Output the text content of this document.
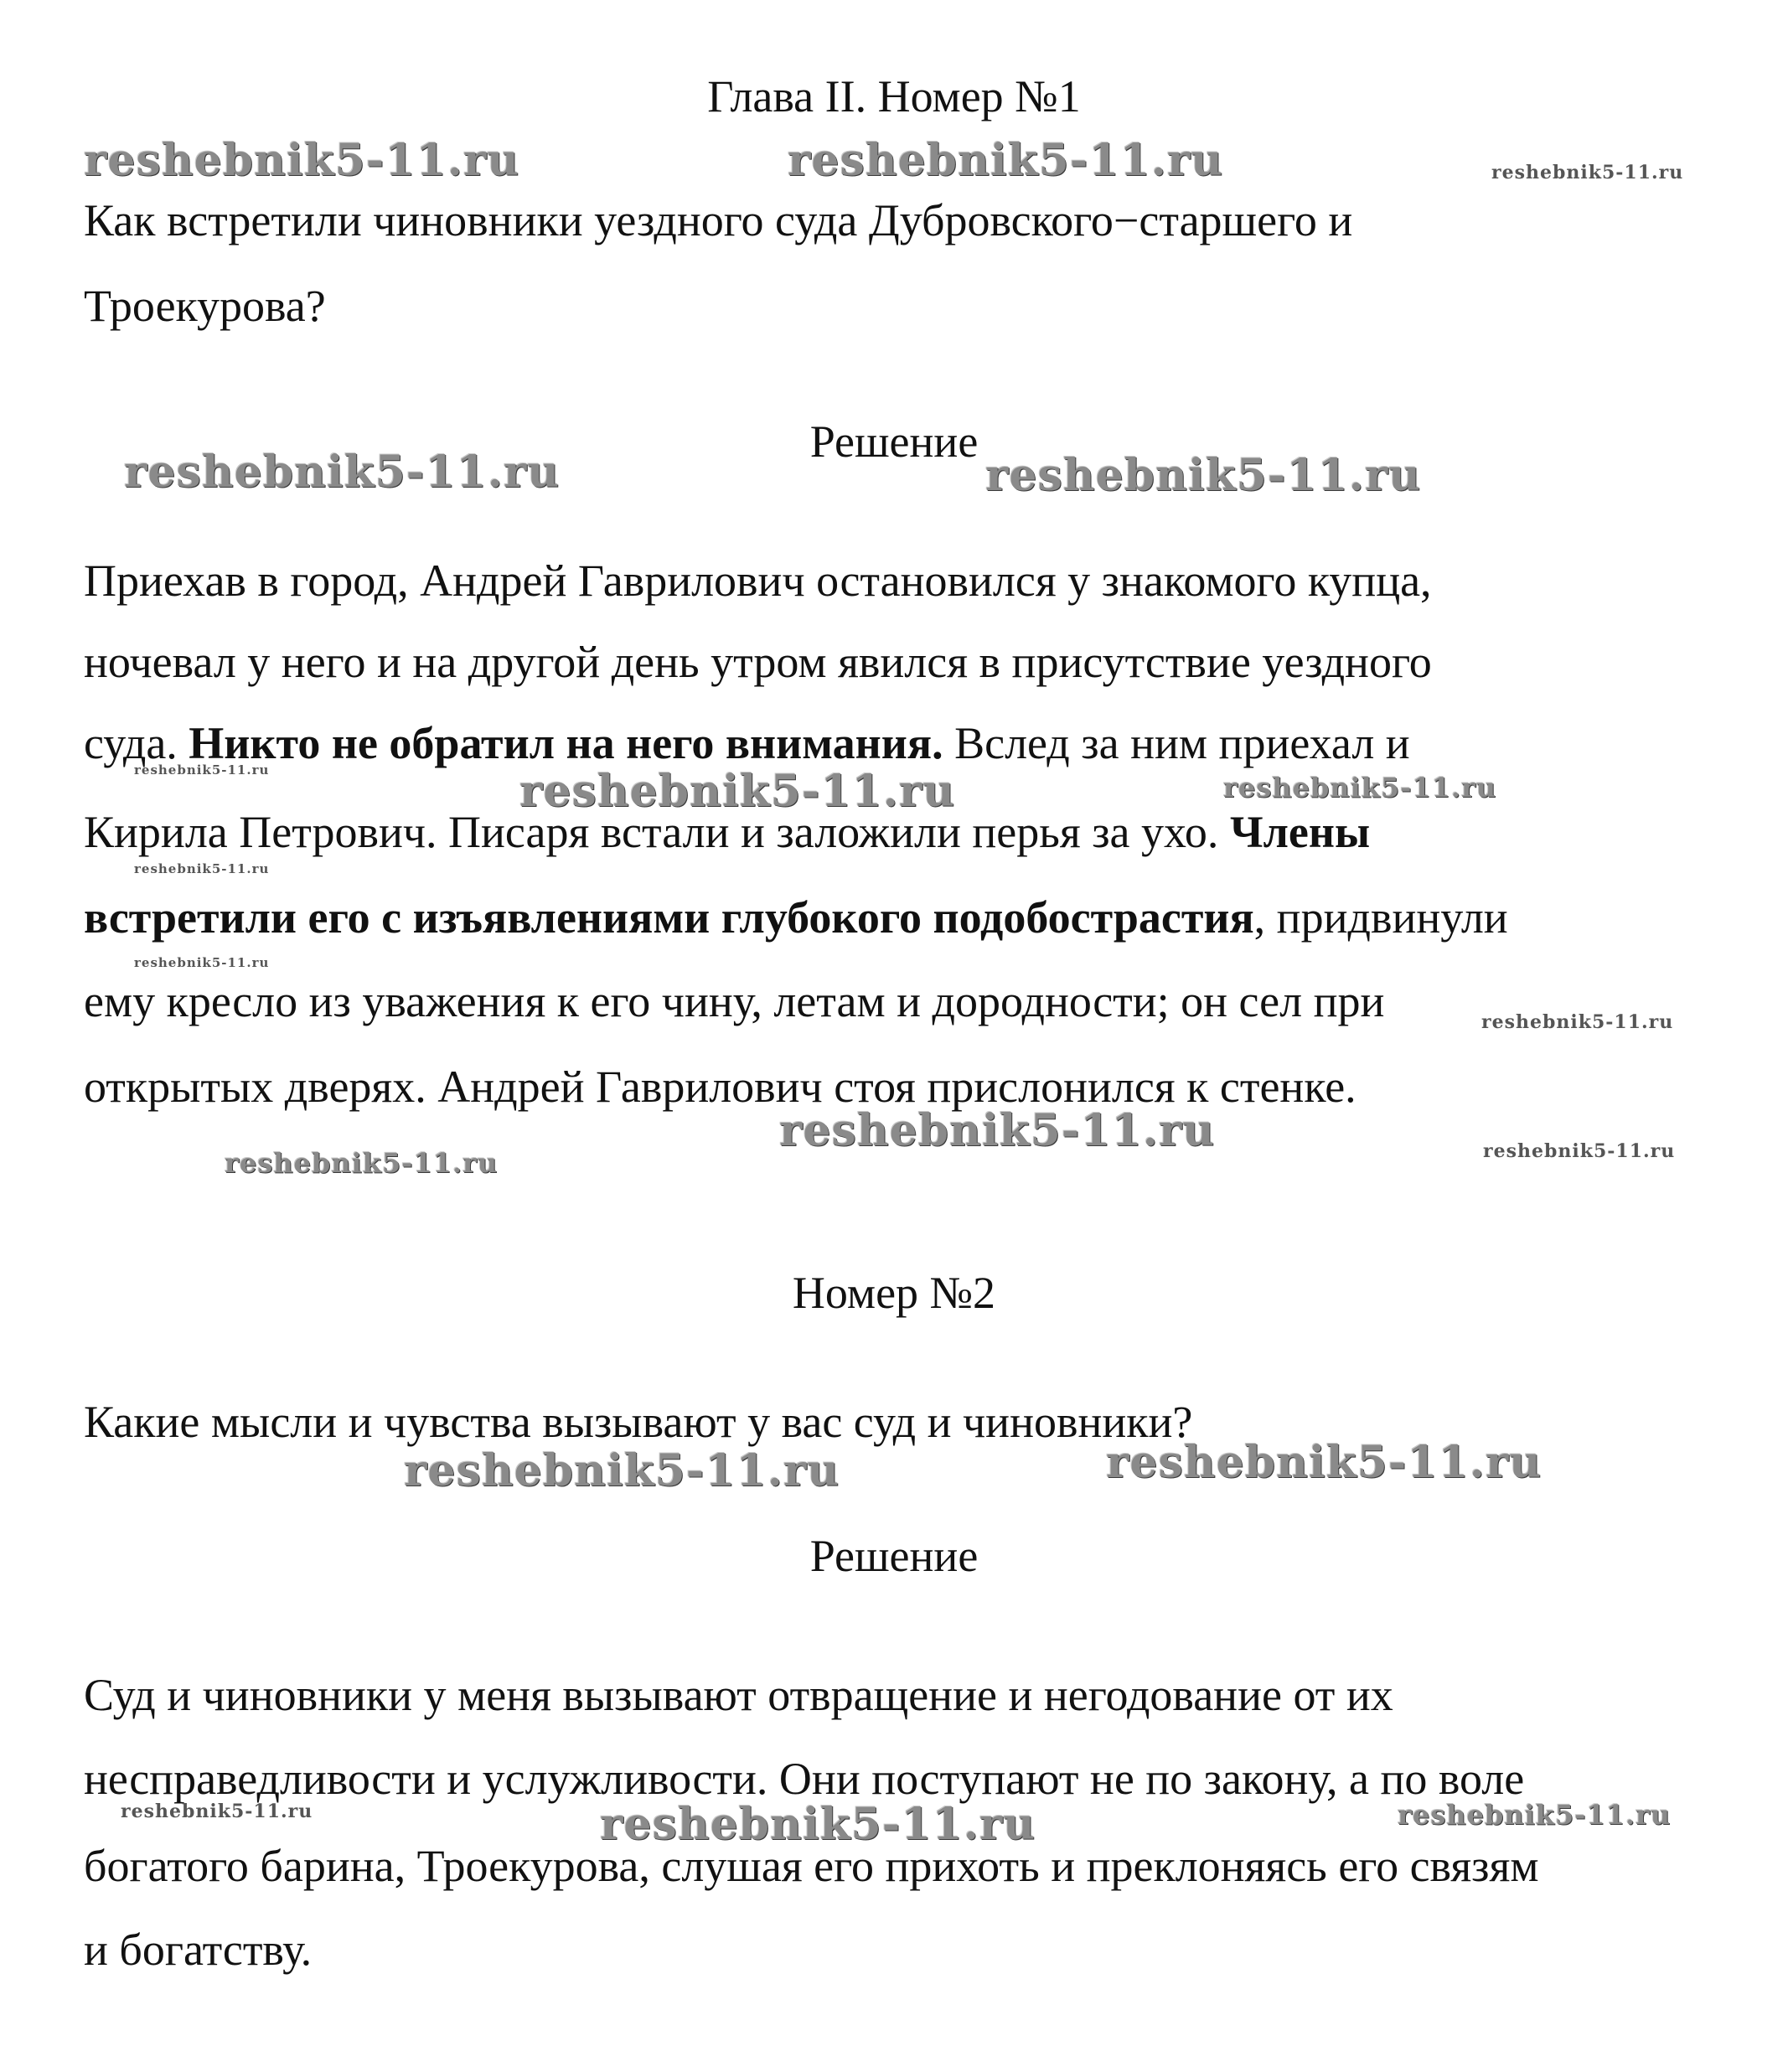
Глава II. Номер №1
Как встретили чиновники уездного суда Дубровского−старшего и
Троекурова?
Решение
Приехав в город, Андрей Гаврилович остановился у знакомого купца,
ночевал у него и на другой день утром явился в присутствие уездного
суда. Никто не обратил на него внимания. Вслед за ним приехал и
Кирила Петрович. Писаря встали и заложили перья за ухо. Члены
встретили его с изъявлениями глубокого подобострастия, придвинули
ему кресло из уважения к его чину, летам и дородности; он сел при
открытых дверях. Андрей Гаврилович стоя прислонился к стенке.
Номер №2
Какие мысли и чувства вызывают у вас суд и чиновники?
Решение
Суд и чиновники у меня вызывают отвращение и негодование от их
несправедливости и услужливости. Они поступают не по закону, а по воле
богатого барина, Троекурова, слушая его прихоть и преклоняясь его связям
и богатству.
reshebnik5-11.ru	reshebnik5-11.ru	reshebnik5-11.ru
reshebnik5-11.ru	reshebnik5-11.ru
reshebnik5-11.ru	reshebnik5-11.ru	reshebnik5-11.ru
reshebnik5-11.ru
reshebnik5-11.ru
reshebnik5-11.ru
reshebnik5-11.ru
reshebnik5-11.ru	reshebnik5-11.ru
reshebnik5-11.ru	reshebnik5-11.ru
reshebnik5-11.ru	reshebnik5-11.ru	reshebnik5-11.ru
